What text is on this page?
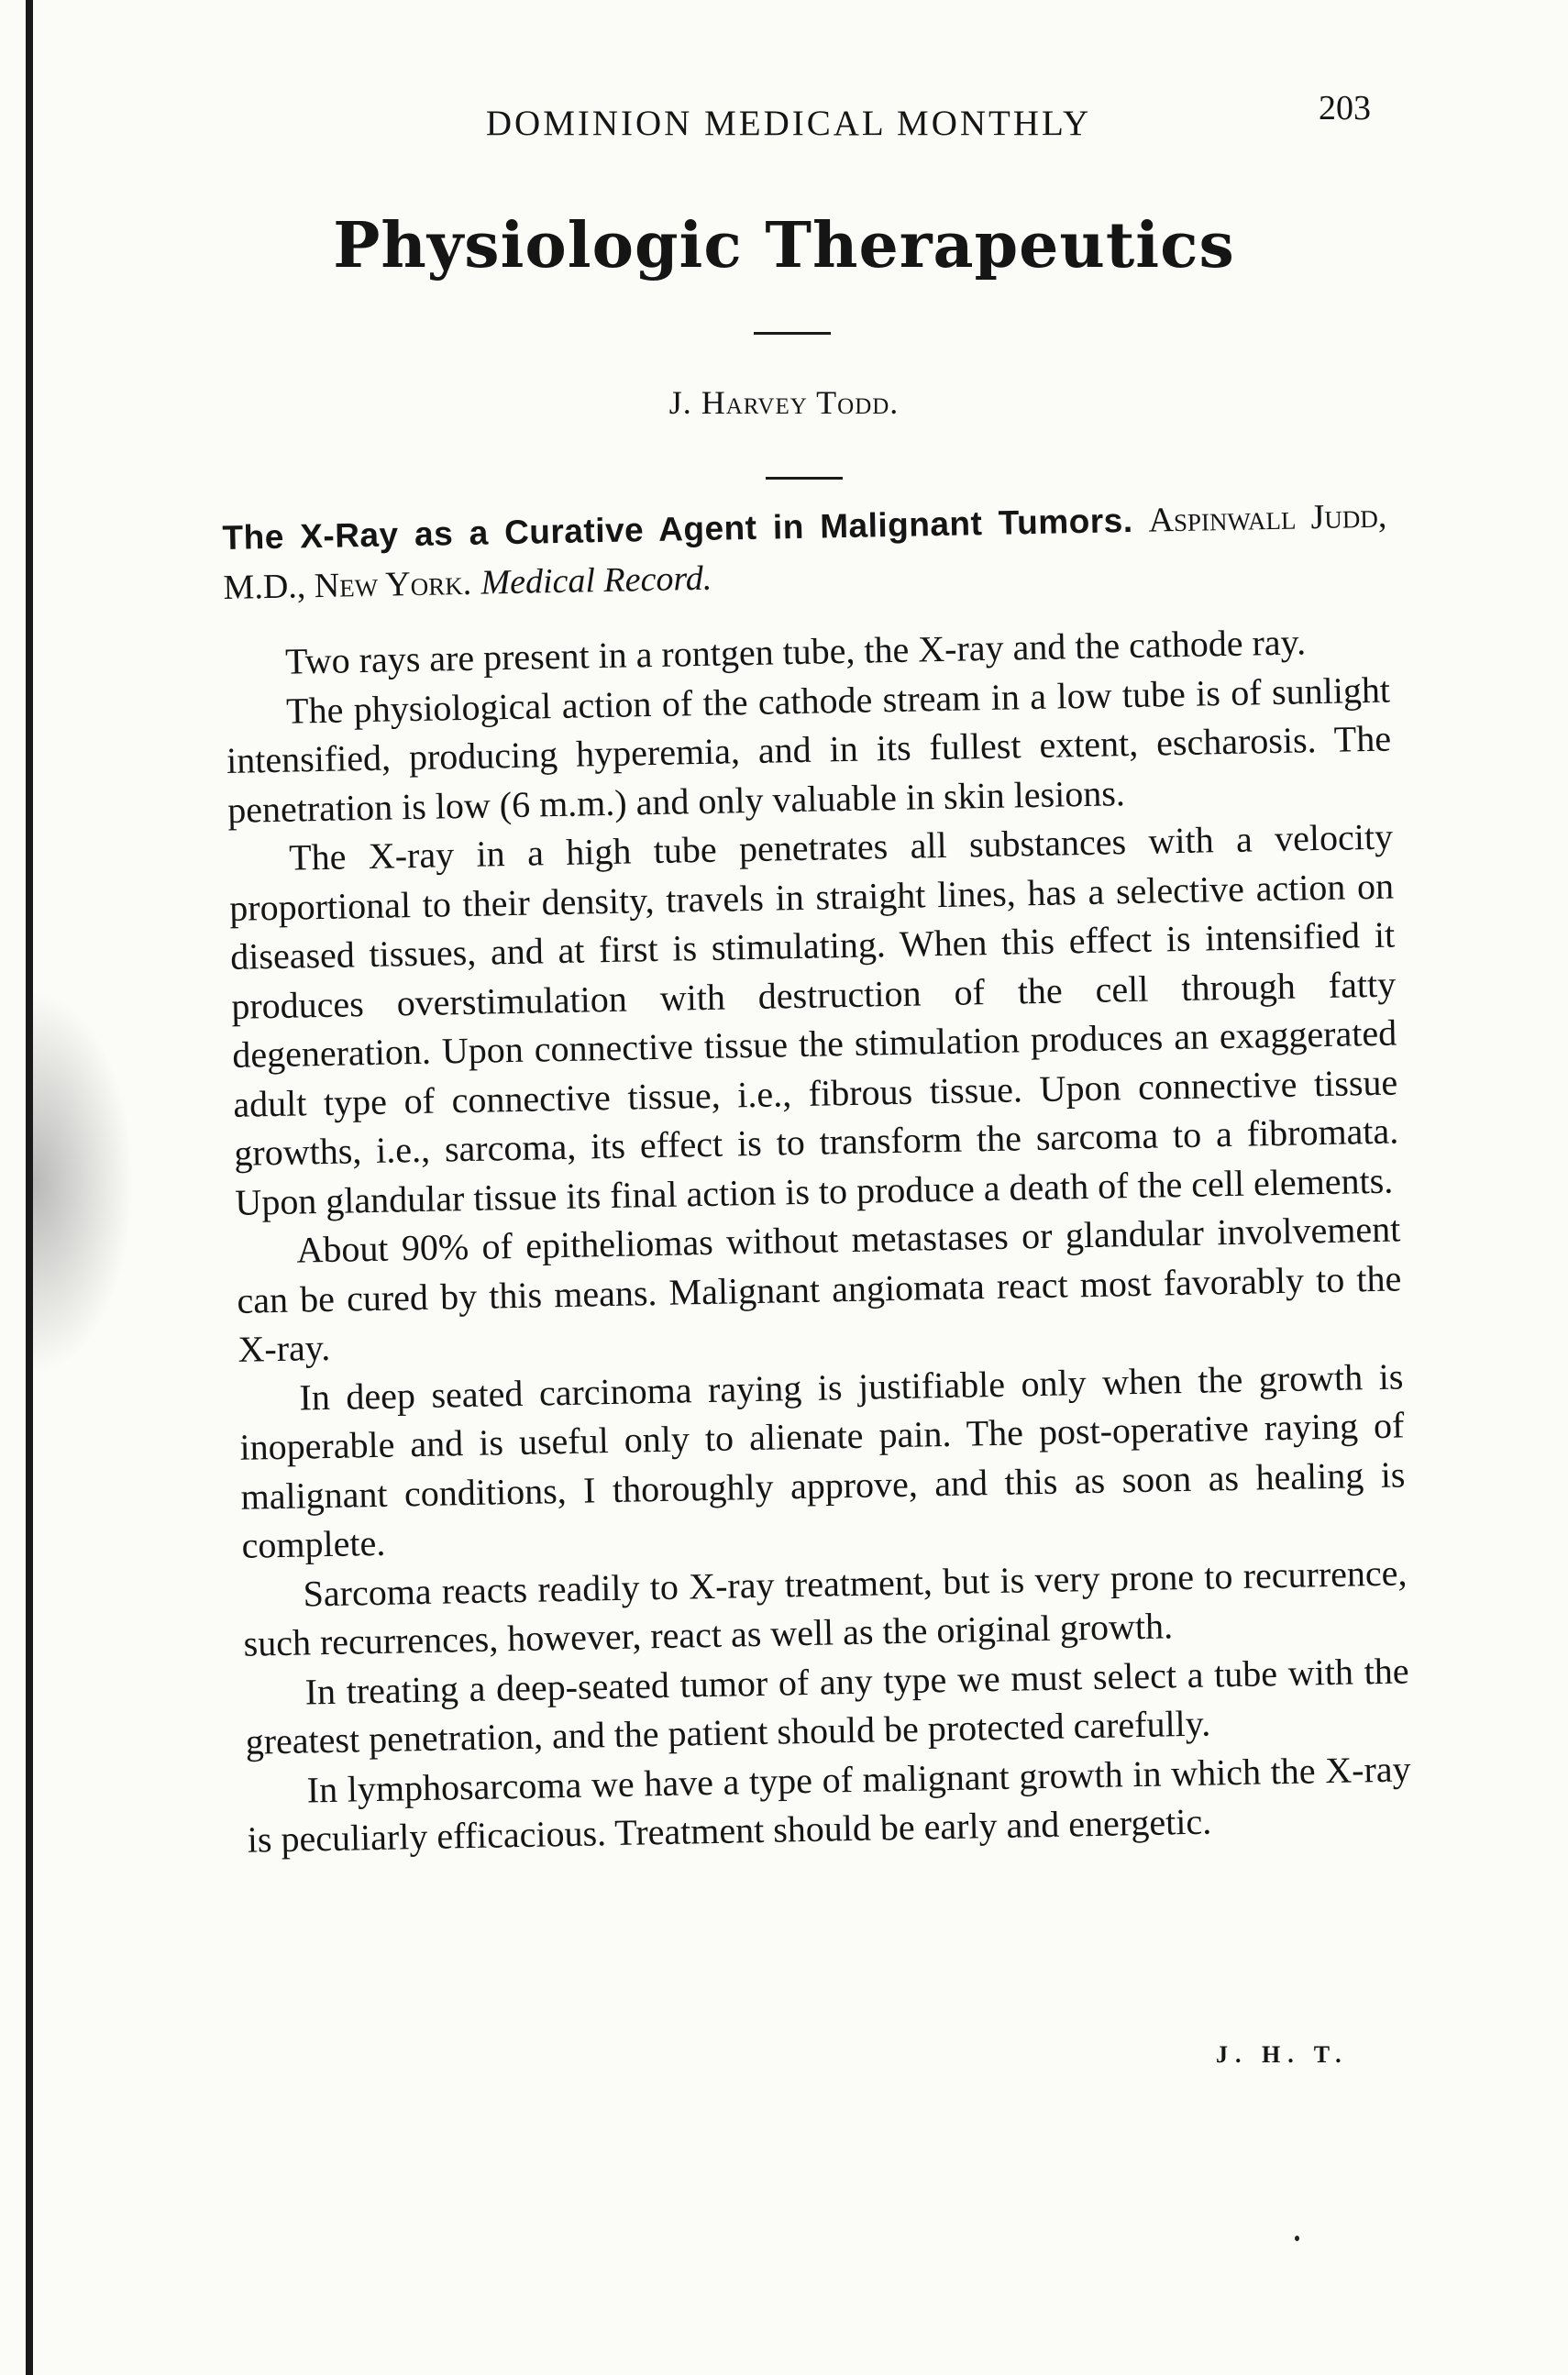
DOMINION MEDICAL MONTHLY	203
Physiologic Therapeutics
J. Harvey Todd.
The X-Ray as a Curative Agent in Malignant Tumors. Aspinwall Judd, M.D., New York. Medical Record.

Two rays are present in a rontgen tube, the X-ray and the cathode ray.

The physiological action of the cathode stream in a low tube is of sunlight intensified, producing hyperemia, and in its fullest extent, escharosis. The penetration is low (6 m.m.) and only valuable in skin lesions.

The X-ray in a high tube penetrates all substances with a velocity proportional to their density, travels in straight lines, has a selective action on diseased tissues, and at first is stimulating. When this effect is intensified it produces overstimulation with destruction of the cell through fatty degeneration. Upon connective tissue the stimulation produces an exaggerated adult type of connective tissue, i.e., fibrous tissue. Upon connective tissue growths, i.e., sarcoma, its effect is to transform the sarcoma to a fibromata. Upon glandular tissue its final action is to produce a death of the cell elements.

About 90% of epitheliomas without metastases or glandular involvement can be cured by this means. Malignant angiomata react most favorably to the X-ray.

In deep seated carcinoma raying is justifiable only when the growth is inoperable and is useful only to alienate pain. The post-operative raying of malignant conditions, I thoroughly approve, and this as soon as healing is complete.

Sarcoma reacts readily to X-ray treatment, but is very prone to recurrence, such recurrences, however, react as well as the original growth.

In treating a deep-seated tumor of any type we must select a tube with the greatest penetration, and the patient should be protected carefully.

In lymphosarcoma we have a type of malignant growth in which the X-ray is peculiarly efficacious. Treatment should be early and energetic.

J. H. T.
